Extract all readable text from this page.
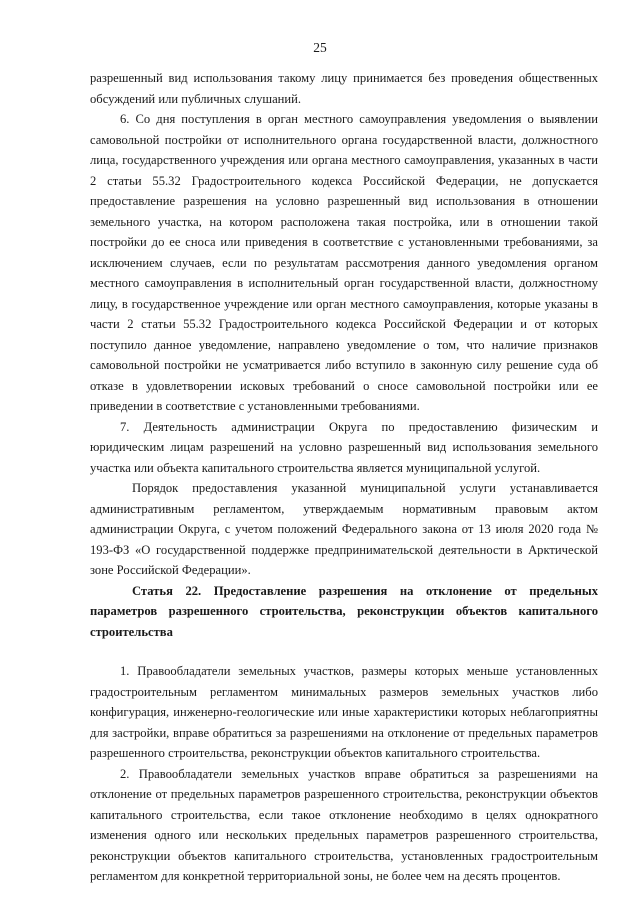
25

разрешенный вид использования такому лицу принимается без проведения общественных обсуждений или публичных слушаний.

6. Со дня поступления в орган местного самоуправления уведомления о выявлении самовольной постройки от исполнительного органа государственной власти, должностного лица, государственного учреждения или органа местного самоуправления, указанных в части 2 статьи 55.32 Градостроительного кодекса Российской Федерации, не допускается предоставление разрешения на условно разрешенный вид использования в отношении земельного участка, на котором расположена такая постройка, или в отношении такой постройки до ее сноса или приведения в соответствие с установленными требованиями, за исключением случаев, если по результатам рассмотрения данного уведомления органом местного самоуправления в исполнительный орган государственной власти, должностному лицу, в государственное учреждение или орган местного самоуправления, которые указаны в части 2 статьи 55.32 Градостроительного кодекса Российской Федерации и от которых поступило данное уведомление, направлено уведомление о том, что наличие признаков самовольной постройки не усматривается либо вступило в законную силу решение суда об отказе в удовлетворении исковых требований о сносе самовольной постройки или ее приведении в соответствие с установленными требованиями.

7. Деятельность администрации Округа по предоставлению физическим и юридическим лицам разрешений на условно разрешенный вид использования земельного участка или объекта капитального строительства является муниципальной услугой.

Порядок предоставления указанной муниципальной услуги устанавливается административным регламентом, утверждаемым нормативным правовым актом администрации Округа, с учетом положений Федерального закона от 13 июля 2020 года № 193-ФЗ «О государственной поддержке предпринимательской деятельности в Арктической зоне Российской Федерации».

Статья 22. Предоставление разрешения на отклонение от предельных параметров разрешенного строительства, реконструкции объектов капитального строительства

1. Правообладатели земельных участков, размеры которых меньше установленных градостроительным регламентом минимальных размеров земельных участков либо конфигурация, инженерно-геологические или иные характеристики которых неблагоприятны для застройки, вправе обратиться за разрешениями на отклонение от предельных параметров разрешенного строительства, реконструкции объектов капитального строительства.

2. Правообладатели земельных участков вправе обратиться за разрешениями на отклонение от предельных параметров разрешенного строительства, реконструкции объектов капитального строительства, если такое отклонение необходимо в целях однократного изменения одного или нескольких предельных параметров разрешенного строительства, реконструкции объектов капитального строительства, установленных градостроительным регламентом для конкретной территориальной зоны, не более чем на десять процентов.
